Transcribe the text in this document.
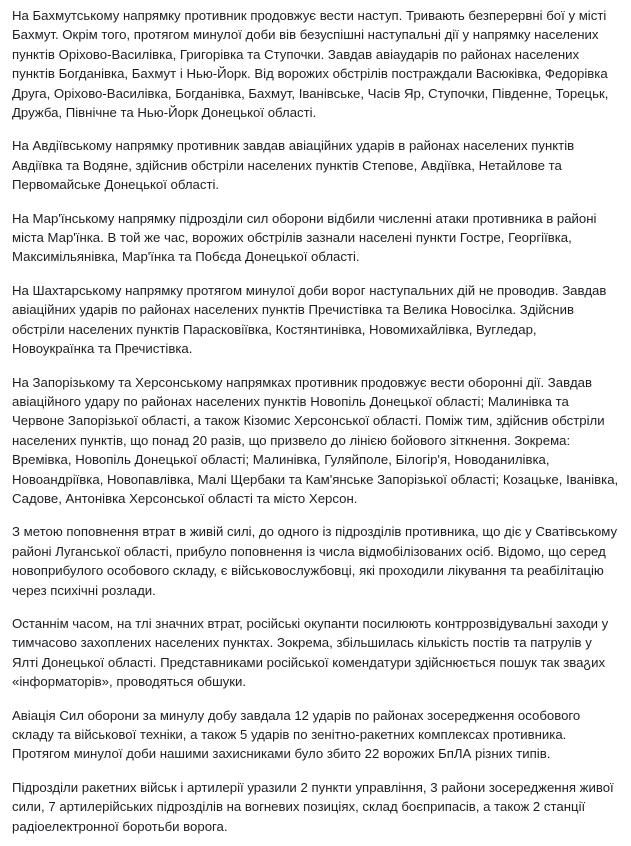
На Бахмутському напрямку противник продовжує вести наступ. Тривають безперервні бої у місті Бахмут. Окрім того, протягом минулої доби вів безуспішні наступальні дії у напрямку населених пунктів Оріхово-Василівка, Григорівка та Ступочки. Завдав авіаударів по районах населених пунктів Богданівка, Бахмут і Нью-Йорк. Від ворожих обстрілів постраждали Васюківка, Федорівка Друга, Оріхово-Василівка, Богданівка, Бахмут, Іванівське, Часів Яр, Ступочки, Південне, Торецьк, Дружба, Північне та Нью-Йорк Донецької області.

На Авдіївському напрямку противник завдав авіаційних ударів в районах населених пунктів Авдіївка та Водяне, здійснив обстріли населених пунктів Степове, Авдіївка, Нетайлове та Первомайське Донецької області.

На Мар'їнському напрямку підрозділи сил оборони відбили численні атаки противника в районі міста Мар'їнка. В той же час, ворожих обстрілів зазнали населені пункти Гостре, Георгіївка, Максимільянівка, Мар'їнка та Побєда Донецької області.

На Шахтарському напрямку протягом минулої доби ворог наступальних дій не проводив. Завдав авіаційних ударів по районах населених пунктів Пречистівка та Велика Новосілка. Здійснив обстріли населених пунктів Парасковіївка, Костянтинівка, Новомихайлівка, Вугледар, Новоукраїнка та Пречистівка.

На Запорізькому та Херсонському напрямках противник продовжує вести оборонні дії. Завдав авіаційного удару по районах населених пунктів Новопіль Донецької області; Малинівка та Червоне Запорізької області, а також Кізомис Херсонської області. Поміж тим, здійснив обстріли населених пунктів, що понад 20 разів, що призвело до лінією бойового зіткнення. Зокрема: Времівка, Новопіль Донецької області; Малинівка, Гуляйполе, Білогір'я, Новоданилівка, Новоандріївка, Новопавлівка, Малі Щербаки та Кам'янське Запорізької області; Козацьке, Іванівка, Садове, Антонівка Херсонської області та місто Херсон.

З метою поповнення втрат в живій силі, до одного із підрозділів противника, що діє у Сватівському районі Луганської області, прибуло поповнення із числа відмобілізованих осіб. Відомо, що серед новоприбулого особового складу, є військовослужбовці, які проходили лікування та реабілітацію через психічні розлади.

Останнім часом, на тлі значних втрат, російські окупанти посилюють контррозвідувальні заходи у тимчасово захоплених населених пунктах. Зокрема, збільшилась кількість постів та патрулів у Ялті Донецької області. Представниками російської комендатури здійснюється пошук так зваგих «інформаторів», проводяться обшуки.

Авіація Сил оборони за минулу добу завдала 12 ударів по районах зосередження особового складу та військової техніки, а також 5 ударів по зенітно-ракетних комплексах противника. Протягом минулої доби нашими захисниками було збито 22 ворожих БпЛА різних типів.

Підрозділи ракетних військ і артилерії уразили 2 пункти управління, 3 райони зосередження живої сили, 7 артилерійських підрозділів на вогневих позиціях, склад боєприпасів, а також 2 станції радіоелектронної боротьби ворога.
